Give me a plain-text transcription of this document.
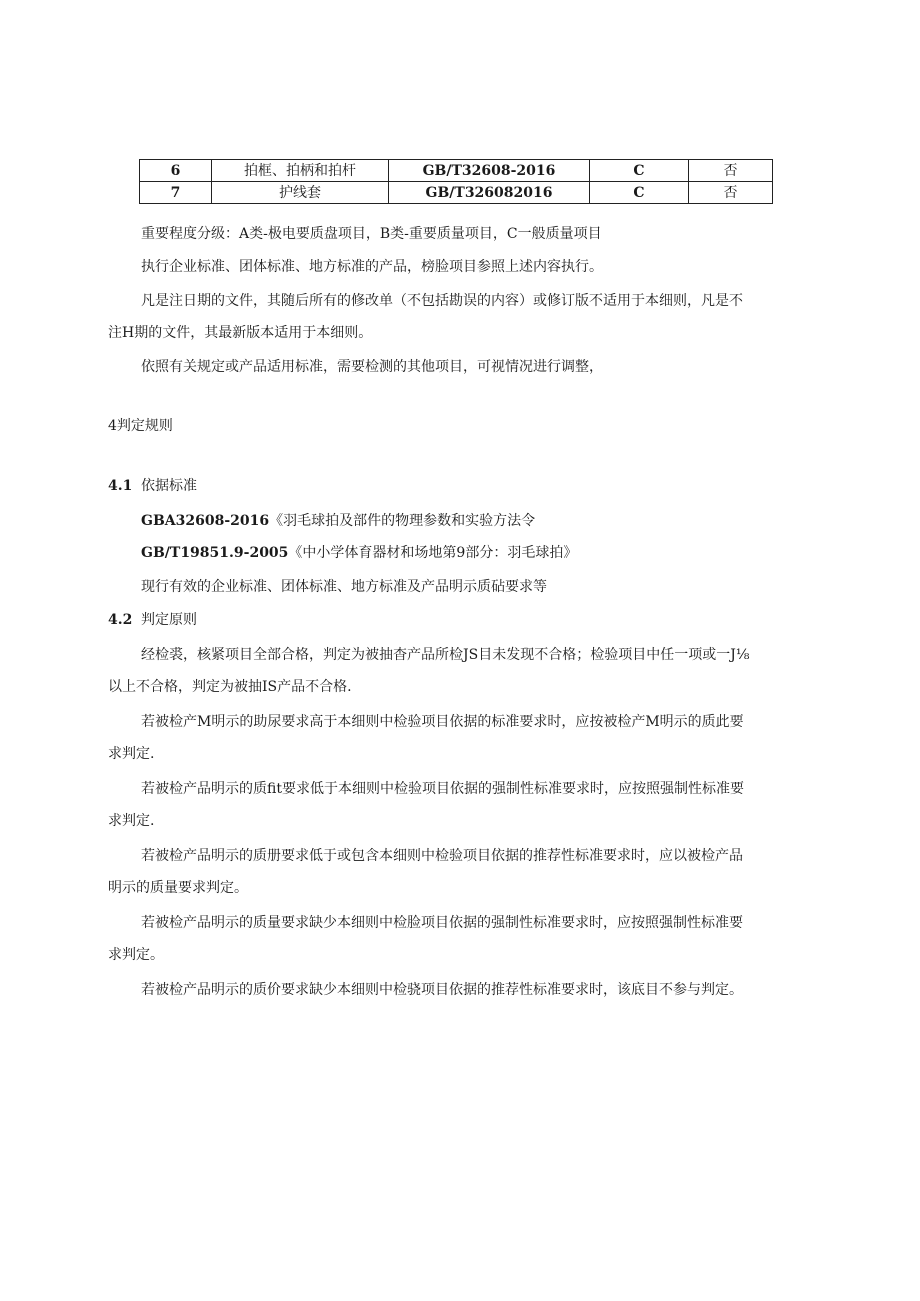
6	拍框、拍柄和拍杆	GB/T32608-2016	C	否
7	护线套	GB/T326082016	C	否
重要程度分级：A类-极电要质盘项目，B类-重要质量项目，C一般质量项目
执行企业标准、团体标准、地方标准的产品，榜脸项目参照上述内容执行。
凡是注日期的文件，其随后所有的修改单（不包括勘误的内容）或修订版不适用于本细则，凡是不
注H期的文件，其最新版本适用于本细则。
依照有关规定或产品适用标准，需要检测的其他项目，可视情况进行调整，
4判定规则
4.1 依据标准
GBA32608-2016《羽毛球拍及部件的物理参数和实验方法令
GB/T19851.9-2005《中小学体育器材和场地第9部分：羽毛球拍》
现行有效的企业标准、团体标准、地方标准及产品明示质砧要求等
4.2 判定原则
经检裘，核紧项目全部合格，判定为被抽杳产品所检JS目未发现不合格；检验项目中任一项或一J⅛
以上不合格，判定为被抽IS产品不合格.
若被检产M明示的助尿要求高于本细则中检验项目依据的标准要求时，应按被检产M明示的质此要
求判定.
若被检产品明示的质fit要求低于本细则中检验项目依据的强制性标准要求时，应按照强制性标准要
求判定.
若被检产品明示的质册要求低于或包含本细则中检验项目依据的推荐性标准要求时，应以被检产品
明示的质量要求判定。
若被检产品明示的质量要求缺少本细则中检脸项目依据的强制性标准要求时，应按照强制性标准要
求判定。
若被检产品明示的质价要求缺少本细则中检骁项目依据的推荐性标准要求时，该底目不参与判定。
